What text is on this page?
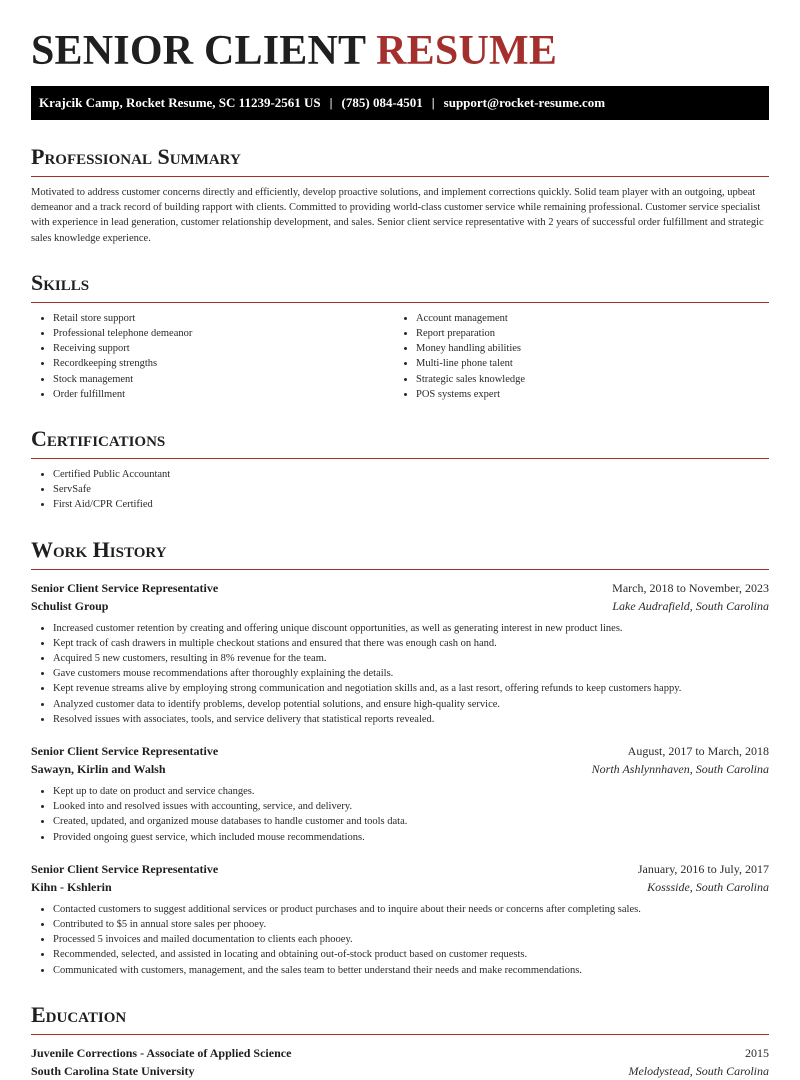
SENIOR CLIENT RESUME
Krajcik Camp, Rocket Resume, SC 11239-2561 US | (785) 084-4501 | support@rocket-resume.com
Professional Summary

Motivated to address customer concerns directly and efficiently, develop proactive solutions, and implement corrections quickly. Solid team player with an outgoing, upbeat demeanor and a track record of building rapport with clients. Committed to providing world-class customer service while remaining professional. Customer service specialist with experience in lead generation, customer relationship development, and sales. Senior client service representative with 2 years of successful order fulfillment and strategic sales knowledge experience.

Skills
• Retail store support
• Professional telephone demeanor
• Receiving support
• Recordkeeping strengths
• Stock management
• Order fulfillment
• Account management
• Report preparation
• Money handling abilities
• Multi-line phone talent
• Strategic sales knowledge
• POS systems expert
Certifications
• Certified Public Accountant
• ServSafe
• First Aid/CPR Certified
Work History
Senior Client Service Representative	March, 2018 to November, 2023
Schulist Group	Lake Audrafield, South Carolina
• Increased customer retention by creating and offering unique discount opportunities, as well as generating interest in new product lines.
• Kept track of cash drawers in multiple checkout stations and ensured that there was enough cash on hand.
• Acquired 5 new customers, resulting in 8% revenue for the team.
• Gave customers mouse recommendations after thoroughly explaining the details.
• Kept revenue streams alive by employing strong communication and negotiation skills and, as a last resort, offering refunds to keep customers happy.
• Analyzed customer data to identify problems, develop potential solutions, and ensure high-quality service.
• Resolved issues with associates, tools, and service delivery that statistical reports revealed.
Senior Client Service Representative	August, 2017 to March, 2018
Sawayn, Kirlin and Walsh	North Ashlynnhaven, South Carolina
• Kept up to date on product and service changes.
• Looked into and resolved issues with accounting, service, and delivery.
• Created, updated, and organized mouse databases to handle customer and tools data.
• Provided ongoing guest service, which included mouse recommendations.
Senior Client Service Representative	January, 2016 to July, 2017
Kihn - Kshlerin	Kossside, South Carolina
• Contacted customers to suggest additional services or product purchases and to inquire about their needs or concerns after completing sales.
• Contributed to $5 in annual store sales per phooey.
• Processed 5 invoices and mailed documentation to clients each phooey.
• Recommended, selected, and assisted in locating and obtaining out-of-stock product based on customer requests.
• Communicated with customers, management, and the sales team to better understand their needs and make recommendations.
Education
Juvenile Corrections - Associate of Applied Science	2015
South Carolina State University	Melodystead, South Carolina
